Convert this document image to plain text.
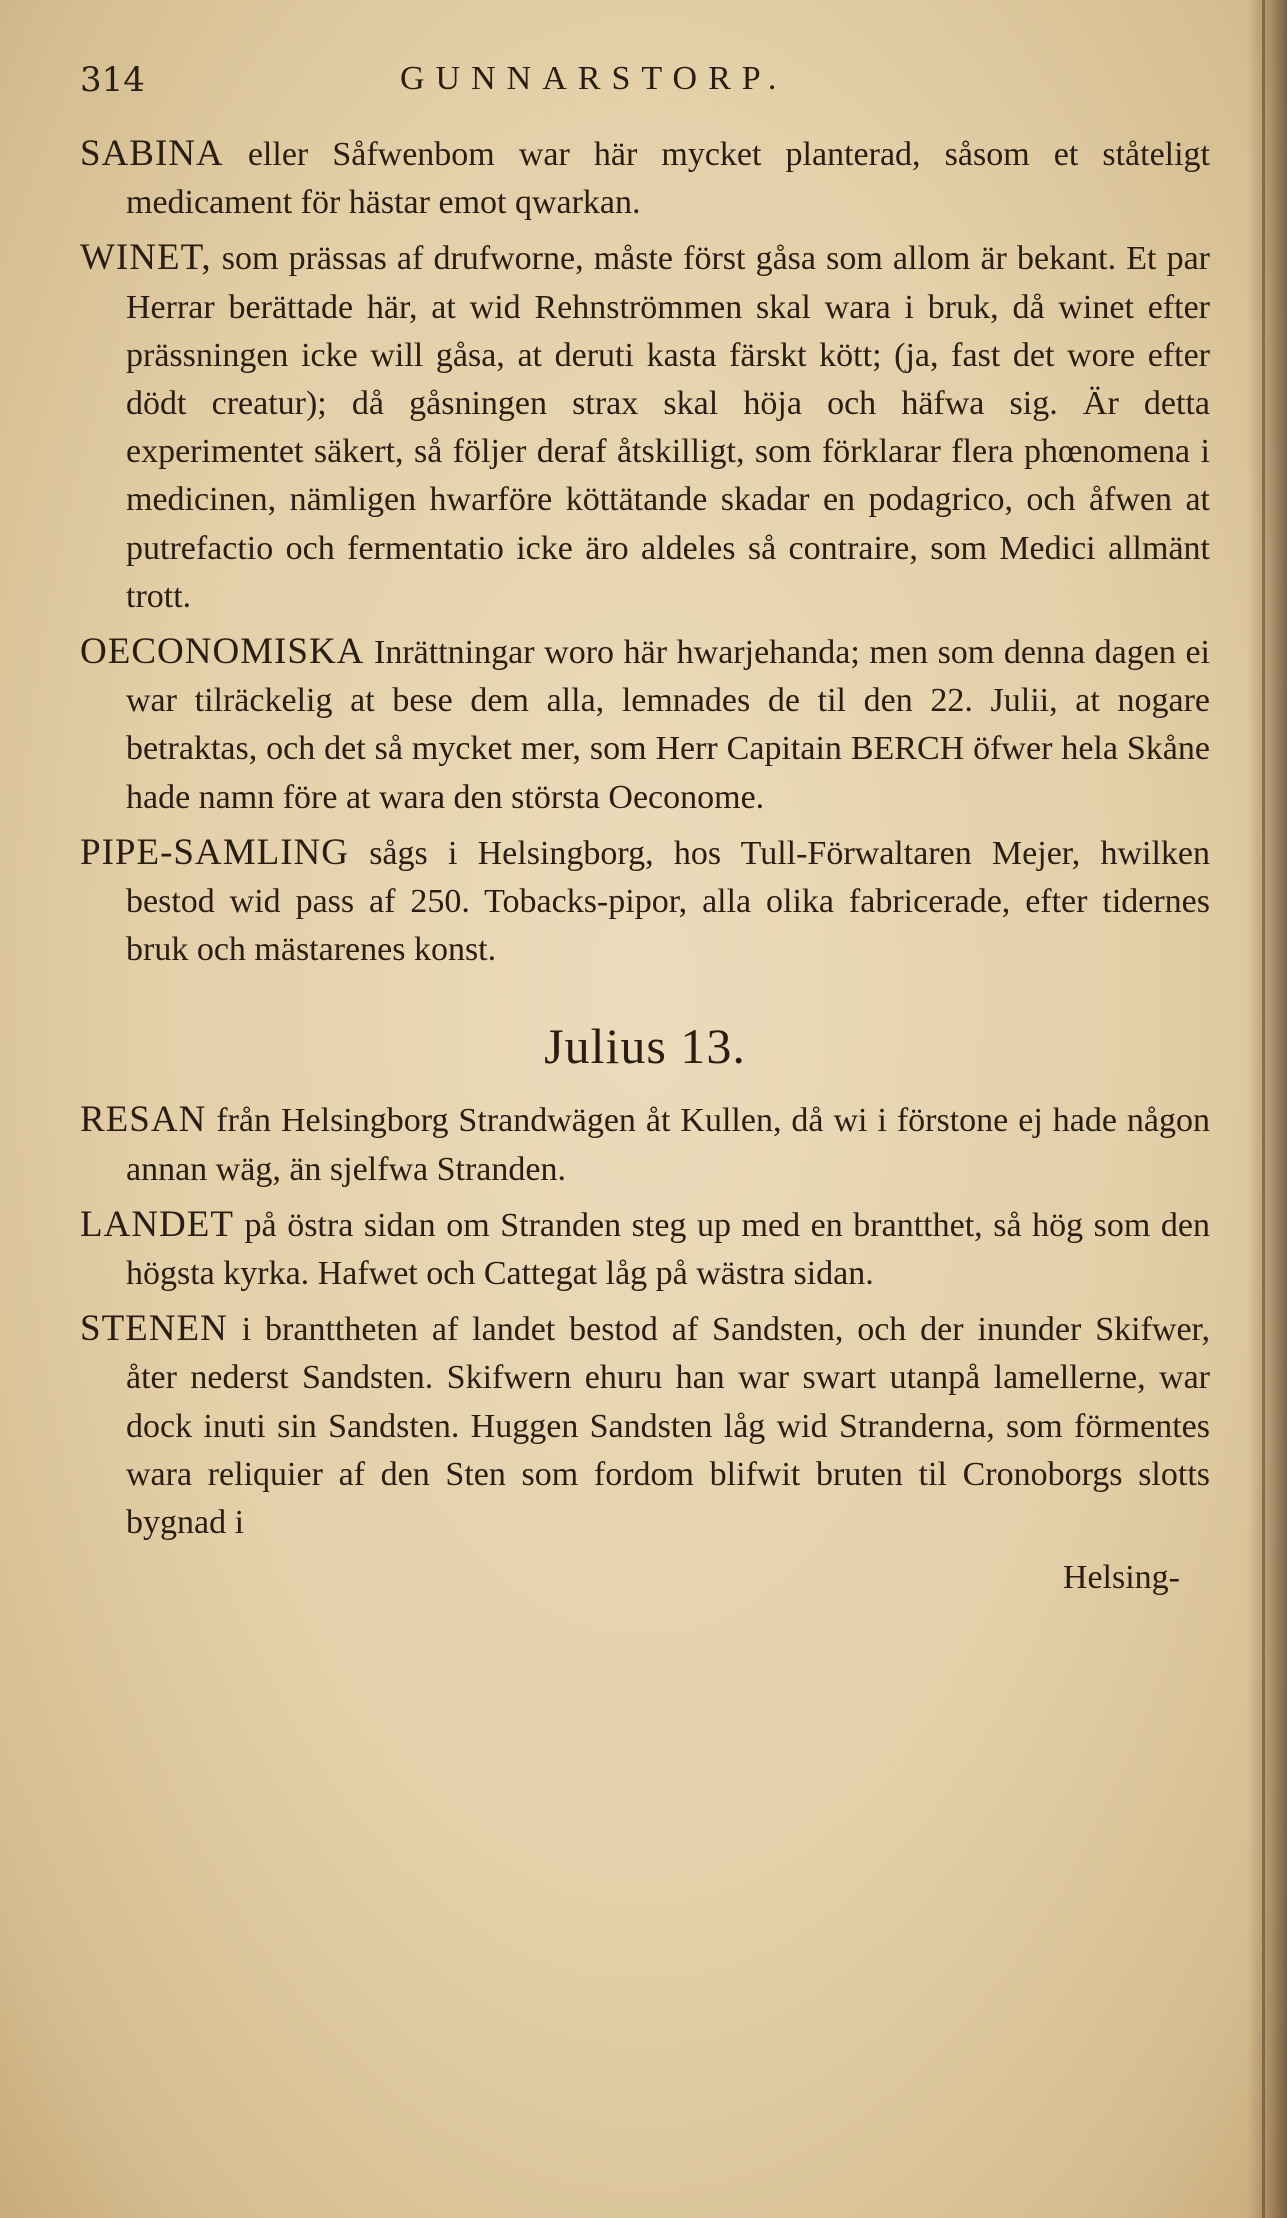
314	GUNNARSTORP.

SABINA eller Såfwenbom war här mycket planterad, såsom et ståteligt medicament för hästar emot qwarkan.

WINET, som prässas af drufworne, måste först gåsa som allom är bekant. Et par Herrar berättade här, at wid Rehnströmmen skal wara i bruk, då winet efter prässningen icke will gåsa, at deruti kasta färskt kött; (ja, fast det wore efter dödt creatur); då gåsningen strax skal höja och häfwa sig. Är detta experimentet säkert, så följer deraf åtskilligt, som förklarar flera phœnomena i medicinen, nämligen hwarföre köttätande skadar en podagrico, och åfwen at putrefactio och fermentatio icke äro aldeles så contraire, som Medici allmänt trott.

OECONOMISKA Inrättningar woro här hwarjehanda; men som denna dagen ei war tilräckelig at bese dem alla, lemnades de til den 22. Julii, at nogare betraktas, och det så mycket mer, som Herr Capitain BERCH öfwer hela Skåne hade namn före at wara den största Oeconome.

PIPE-SAMLING sågs i Helsingborg, hos Tull-Förwaltaren Mejer, hwilken bestod wid pass af 250. Tobacks-pipor, alla olika fabricerade, efter tidernes bruk och mästarenes konst.

Julius 13.

RESAN från Helsingborg Strandwägen åt Kullen, då wi i förstone ej hade någon annan wäg, än sjelfwa Stranden.

LANDET på östra sidan om Stranden steg up med en brantthet, så hög som den högsta kyrka. Hafwet och Cattegat låg på wästra sidan.

STENEN i branttheten af landet bestod af Sandsten, och der inunder Skifwer, åter nederst Sandsten. Skifwern ehuru han war swart utanpå lamellerne, war dock inuti sin Sandsten. Huggen Sandsten låg wid Stranderna, som förmentes wara reliquier af den Sten som fordom blifwit bruten til Cronoborgs slotts bygnad i

Helsing-
